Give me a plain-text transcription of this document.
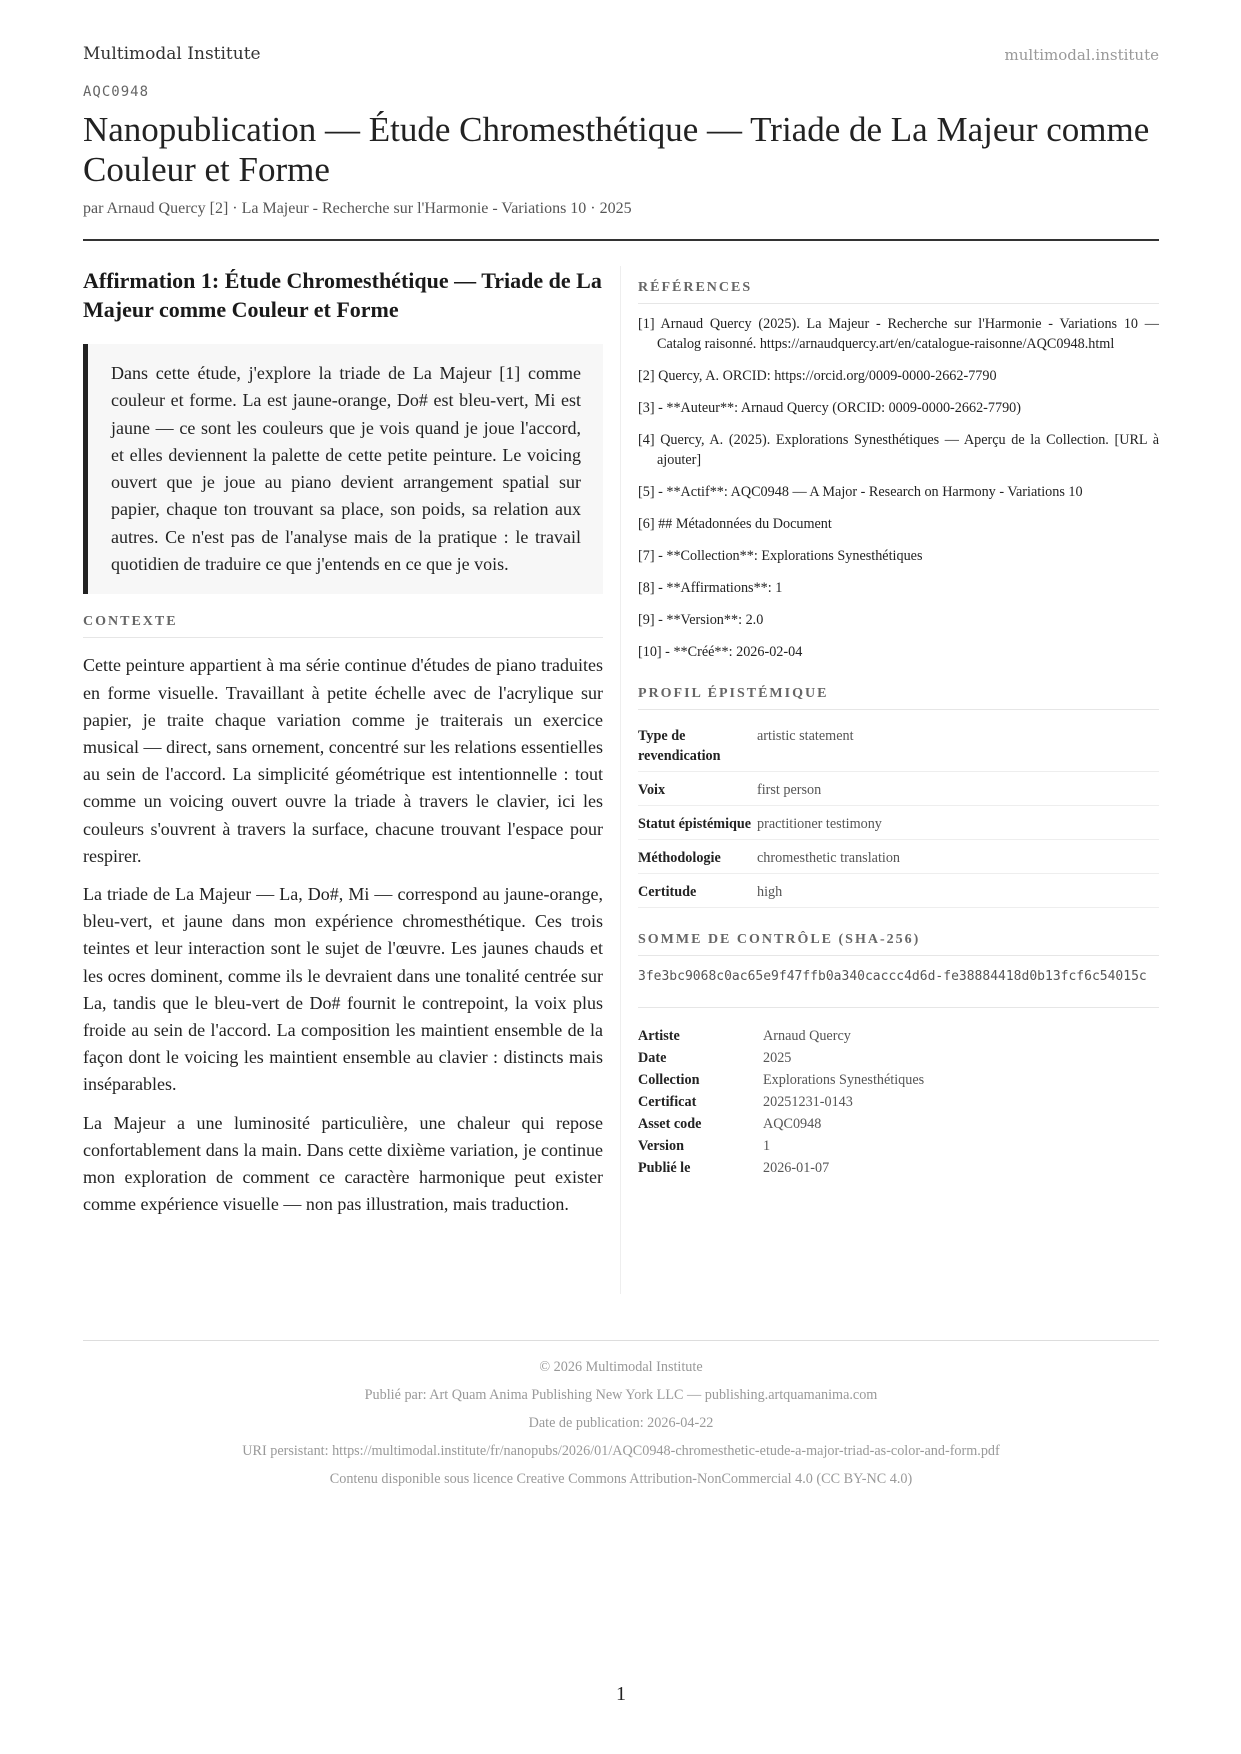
Multimodal Institute	multimodal.institute
AQC0948
Nanopublication — Étude Chromesthétique — Triade de La Majeur comme Couleur et Forme
par Arnaud Quercy [2] · La Majeur - Recherche sur l'Harmonie - Variations 10 · 2025
Affirmation 1: Étude Chromesthétique — Triade de La Majeur comme Couleur et Forme
Dans cette étude, j'explore la triade de La Majeur [1] comme couleur et forme. La est jaune-orange, Do# est bleu-vert, Mi est jaune — ce sont les couleurs que je vois quand je joue l'accord, et elles deviennent la palette de cette petite peinture. Le voicing ouvert que je joue au piano devient arrangement spatial sur papier, chaque ton trouvant sa place, son poids, sa relation aux autres. Ce n'est pas de l'analyse mais de la pratique : le travail quotidien de traduire ce que j'entends en ce que je vois.
CONTEXTE

Cette peinture appartient à ma série continue d'études de piano traduites en forme visuelle. Travaillant à petite échelle avec de l'acrylique sur papier, je traite chaque variation comme je traiterais un exercice musical — direct, sans ornement, concentré sur les relations essentielles au sein de l'accord. La simplicité géométrique est intentionnelle : tout comme un voicing ouvert ouvre la triade à travers le clavier, ici les couleurs s'ouvrent à travers la surface, chacune trouvant l'espace pour respirer.

La triade de La Majeur — La, Do#, Mi — correspond au jaune-orange, bleu-vert, et jaune dans mon expérience chromesthétique. Ces trois teintes et leur interaction sont le sujet de l'œuvre. Les jaunes chauds et les ocres dominent, comme ils le devraient dans une tonalité centrée sur La, tandis que le bleu-vert de Do# fournit le contrepoint, la voix plus froide au sein de l'accord. La composition les maintient ensemble de la façon dont le voicing les maintient ensemble au clavier : distincts mais inséparables.

La Majeur a une luminosité particulière, une chaleur qui repose confortablement dans la main. Dans cette dixième variation, je continue mon exploration de comment ce caractère harmonique peut exister comme expérience visuelle — non pas illustration, mais traduction.

RÉFÉRENCES
[1] Arnaud Quercy (2025). La Majeur - Recherche sur l'Harmonie - Variations 10 — Catalog raisonné. https://arnaudquercy.art/en/catalogue-raisonne/AQC0948.html
[2] Quercy, A. ORCID: https://orcid.org/0009-0000-2662-7790
[3] - **Auteur**: Arnaud Quercy (ORCID: 0009-0000-2662-7790)
[4] Quercy, A. (2025). Explorations Synesthétiques — Aperçu de la Collection. [URL à ajouter]
[5] - **Actif**: AQC0948 — A Major - Research on Harmony - Variations 10
[6] ## Métadonnées du Document
[7] - **Collection**: Explorations Synesthétiques
[8] - **Affirmations**: 1
[9] - **Version**: 2.0
[10] - **Créé**: 2026-02-04
PROFIL ÉPISTÉMIQUE
Type de revendication	artistic statement
Voix	first person
Statut épistémique	practitioner testimony
Méthodologie	chromesthetic translation
Certitude	high
SOMME DE CONTRÔLE (SHA-256)
3fe3bc9068c0ac65e9f47ffb0a340caccc4d6d-fe38884418d0b13fcf6c54015c
Artiste	Arnaud Quercy
Date	2025
Collection	Explorations Synesthétiques
Certificat	20251231-0143
Asset code	AQC0948
Version	1
Publié le	2026-01-07
© 2026 Multimodal Institute
Publié par: Art Quam Anima Publishing New York LLC — publishing.artquamanima.com
Date de publication: 2026-04-22
URI persistant: https://multimodal.institute/fr/nanopubs/2026/01/AQC0948-chromesthetic-etude-a-major-triad-as-color-and-form.pdf
Contenu disponible sous licence Creative Commons Attribution-NonCommercial 4.0 (CC BY-NC 4.0)
1
